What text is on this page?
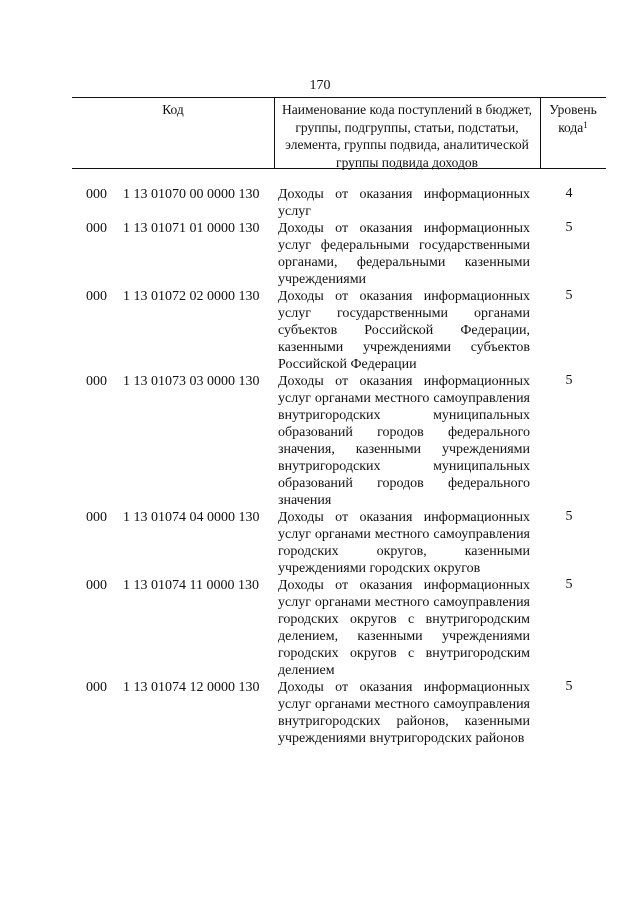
170
Код	Наименование кода поступлений в бюджет, группы, подгруппы, статьи, подстатьи, элемента, группы подвида, аналитической группы подвида доходов
Уровень кода$^1$
000 1 13 01070 00 0000 130 Доходы от оказания информационных услуг
4
000 1 13 01071 01 0000 130 Доходы от оказания информационных услуг федеральными государственными органами, федеральными казенными учреждениями
5
000 1 13 01072 02 0000 130 Доходы от оказания информационных услуг государственными органами субъектов Российской Федерации, казенными учреждениями субъектов Российской Федерации
5
000 1 13 01073 03 0000 130 Доходы от оказания информационных услуг органами местного самоуправления внутригородских муниципальных образований городов федерального значения, казенными учреждениями внутригородских муниципальных образований городов федерального значения
5
000 1 13 01074 04 0000 130 Доходы от оказания информационных услуг органами местного самоуправления городских округов, казенными учреждениями городских округов
5
000 1 13 01074 11 0000 130 Доходы от оказания информационных услуг органами местного самоуправления городских округов с внутригородским делением, казенными учреждениями городских округов с внутригородским делением
5
000 1 13 01074 12 0000 130 Доходы от оказания информационных услуг органами местного самоуправления внутригородских районов, казенными учреждениями внутригородских районов
5
